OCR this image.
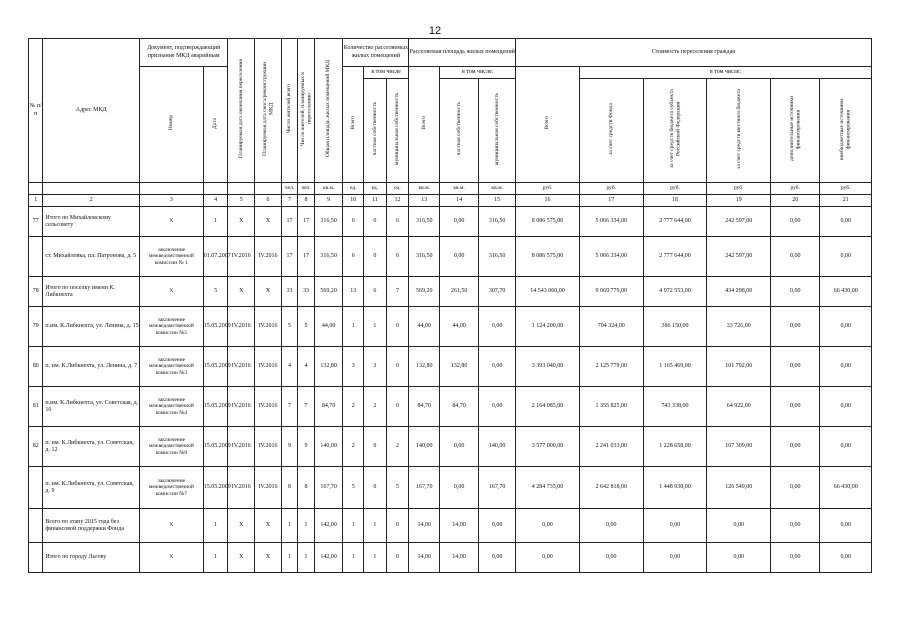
12
№ п/п	Адрес МКД	Документ, подтверждающий признание МКД аварийным		Планируемая дата окончания переселения	Планируемая дата сноса/реконструкции МКД	Число жителей всего	Число жителей, планируемых к переселению	Общая площадь жилых помещений МКД	Количество расселяемых жилых помещений			Расселяемая площадь жилых помещений			Стоимость переселения граждан					
		Номер	Дата						Всего	в том числе		Всего	в том числе:		Всего	в том числе:				
										частная собственность	муниципальная собственность		частная собственность	муниципальная собственность		за счет средств Фонда	за счет средств бюджета субъекта Российской Федерации	за счет средств местного бюджета	дополнительные источники финансирования	внебюджетные источники финансирования
						чел.	чел.	кв.м.	ед.	ед.	ед.	кв.м.	кв.м.	кв.м.	руб.	руб.	руб.	руб.	руб.	руб.
1	2	3	4	5	6	7	8	9	10	11	12	13	14	15	16	17	18	19	20	21
77	Итого по Михайловскому сельсовету	X	1	X	X	17	17	316,50	6	0	6	316,50	0,00	316,50	8 086 575,00	5 066 334,00	2 777 644,00	242 597,00	0,00	0,00
	ст. Михайловка, пл. Патронова, д. 5	заключение межведомственной комиссии № 1	01.07.2007	IV.2016	IV.2016	17	17	316,50	6	0	6	316,50	0,00	316,50	8 086 575,00	5 066 334,00	2 777 644,00	242 597,00	0,00	0,00
78	Итого по поселку имени К. Либкнехта	X	5	X	X	33	33	569,20	13	6	7	569,20	261,50	307,70	14 543 060,00	9 069 779,00	4 972 553,00	434 298,00	0,00	66 430,00
79	п.им. К.Либкнехта, ул. Ленина, д. 15	заключение межведомственной комиссии №5	15.05.2009	IV.2016	IV.2016	5	5	44,00	1	1	0	44,00	44,00	0,00	1 124 200,00	704 324,00	386 150,00	33 726,00	0,00	0,00
80	п. им. К.Либкнехта, ул. Ленина, д. 7	заключение межведомственной комиссии №3	15.05.2009	IV.2016	IV.2016	4	4	132,80	3	3	0	132,80	132,80	0,00	3 393 040,00	2 125 779,00	1 165 469,00	101 792,00	0,00	0,00
81	п.им. К.Либкнехта, ул. Советская, д. 10	заключение межведомственной комиссии №4	15.05.2009	IV.2016	IV.2016	7	7	84,70	2	2	0	84,70	84,70	0,00	2 164 085,00	1 355 825,00	743 338,00	64 922,00	0,00	0,00
82	п. им. К.Либкнехта, ул. Советская, д. 12	заключение межведомственной комиссии №9	15.05.2009	IV.2016	IV.2016	9	9	140,00	2	0	2	140,00	0,00	140,00	3 577 000,00	2 241 033,00	1 228 658,00	107 309,00	0,00	0,00
	п. им. К.Либкнехта, ул. Советская, д. 9	заключение межведомственной комиссии №7	15.05.2009	IV.2016	IV.2016	8	8	167,70	5	0	5	167,70	0,00	167,70	4 284 735,00	2 642 818,00	1 448 938,00	126 549,00	0,00	66 430,00
	Всего по этапу 2015 года без финансовой поддержки Фонда	X	1	X	X	1	1	142,00	1	1	0	14,00	14,00	0,00	0,00	0,00	0,00	0,00	0,00	0,00
	Итого по городу Льгову	X	1	X	X	1	1	142,00	1	1	0	14,00	14,00	0,00	0,00	0,00	0,00	0,00	0,00	0,00
